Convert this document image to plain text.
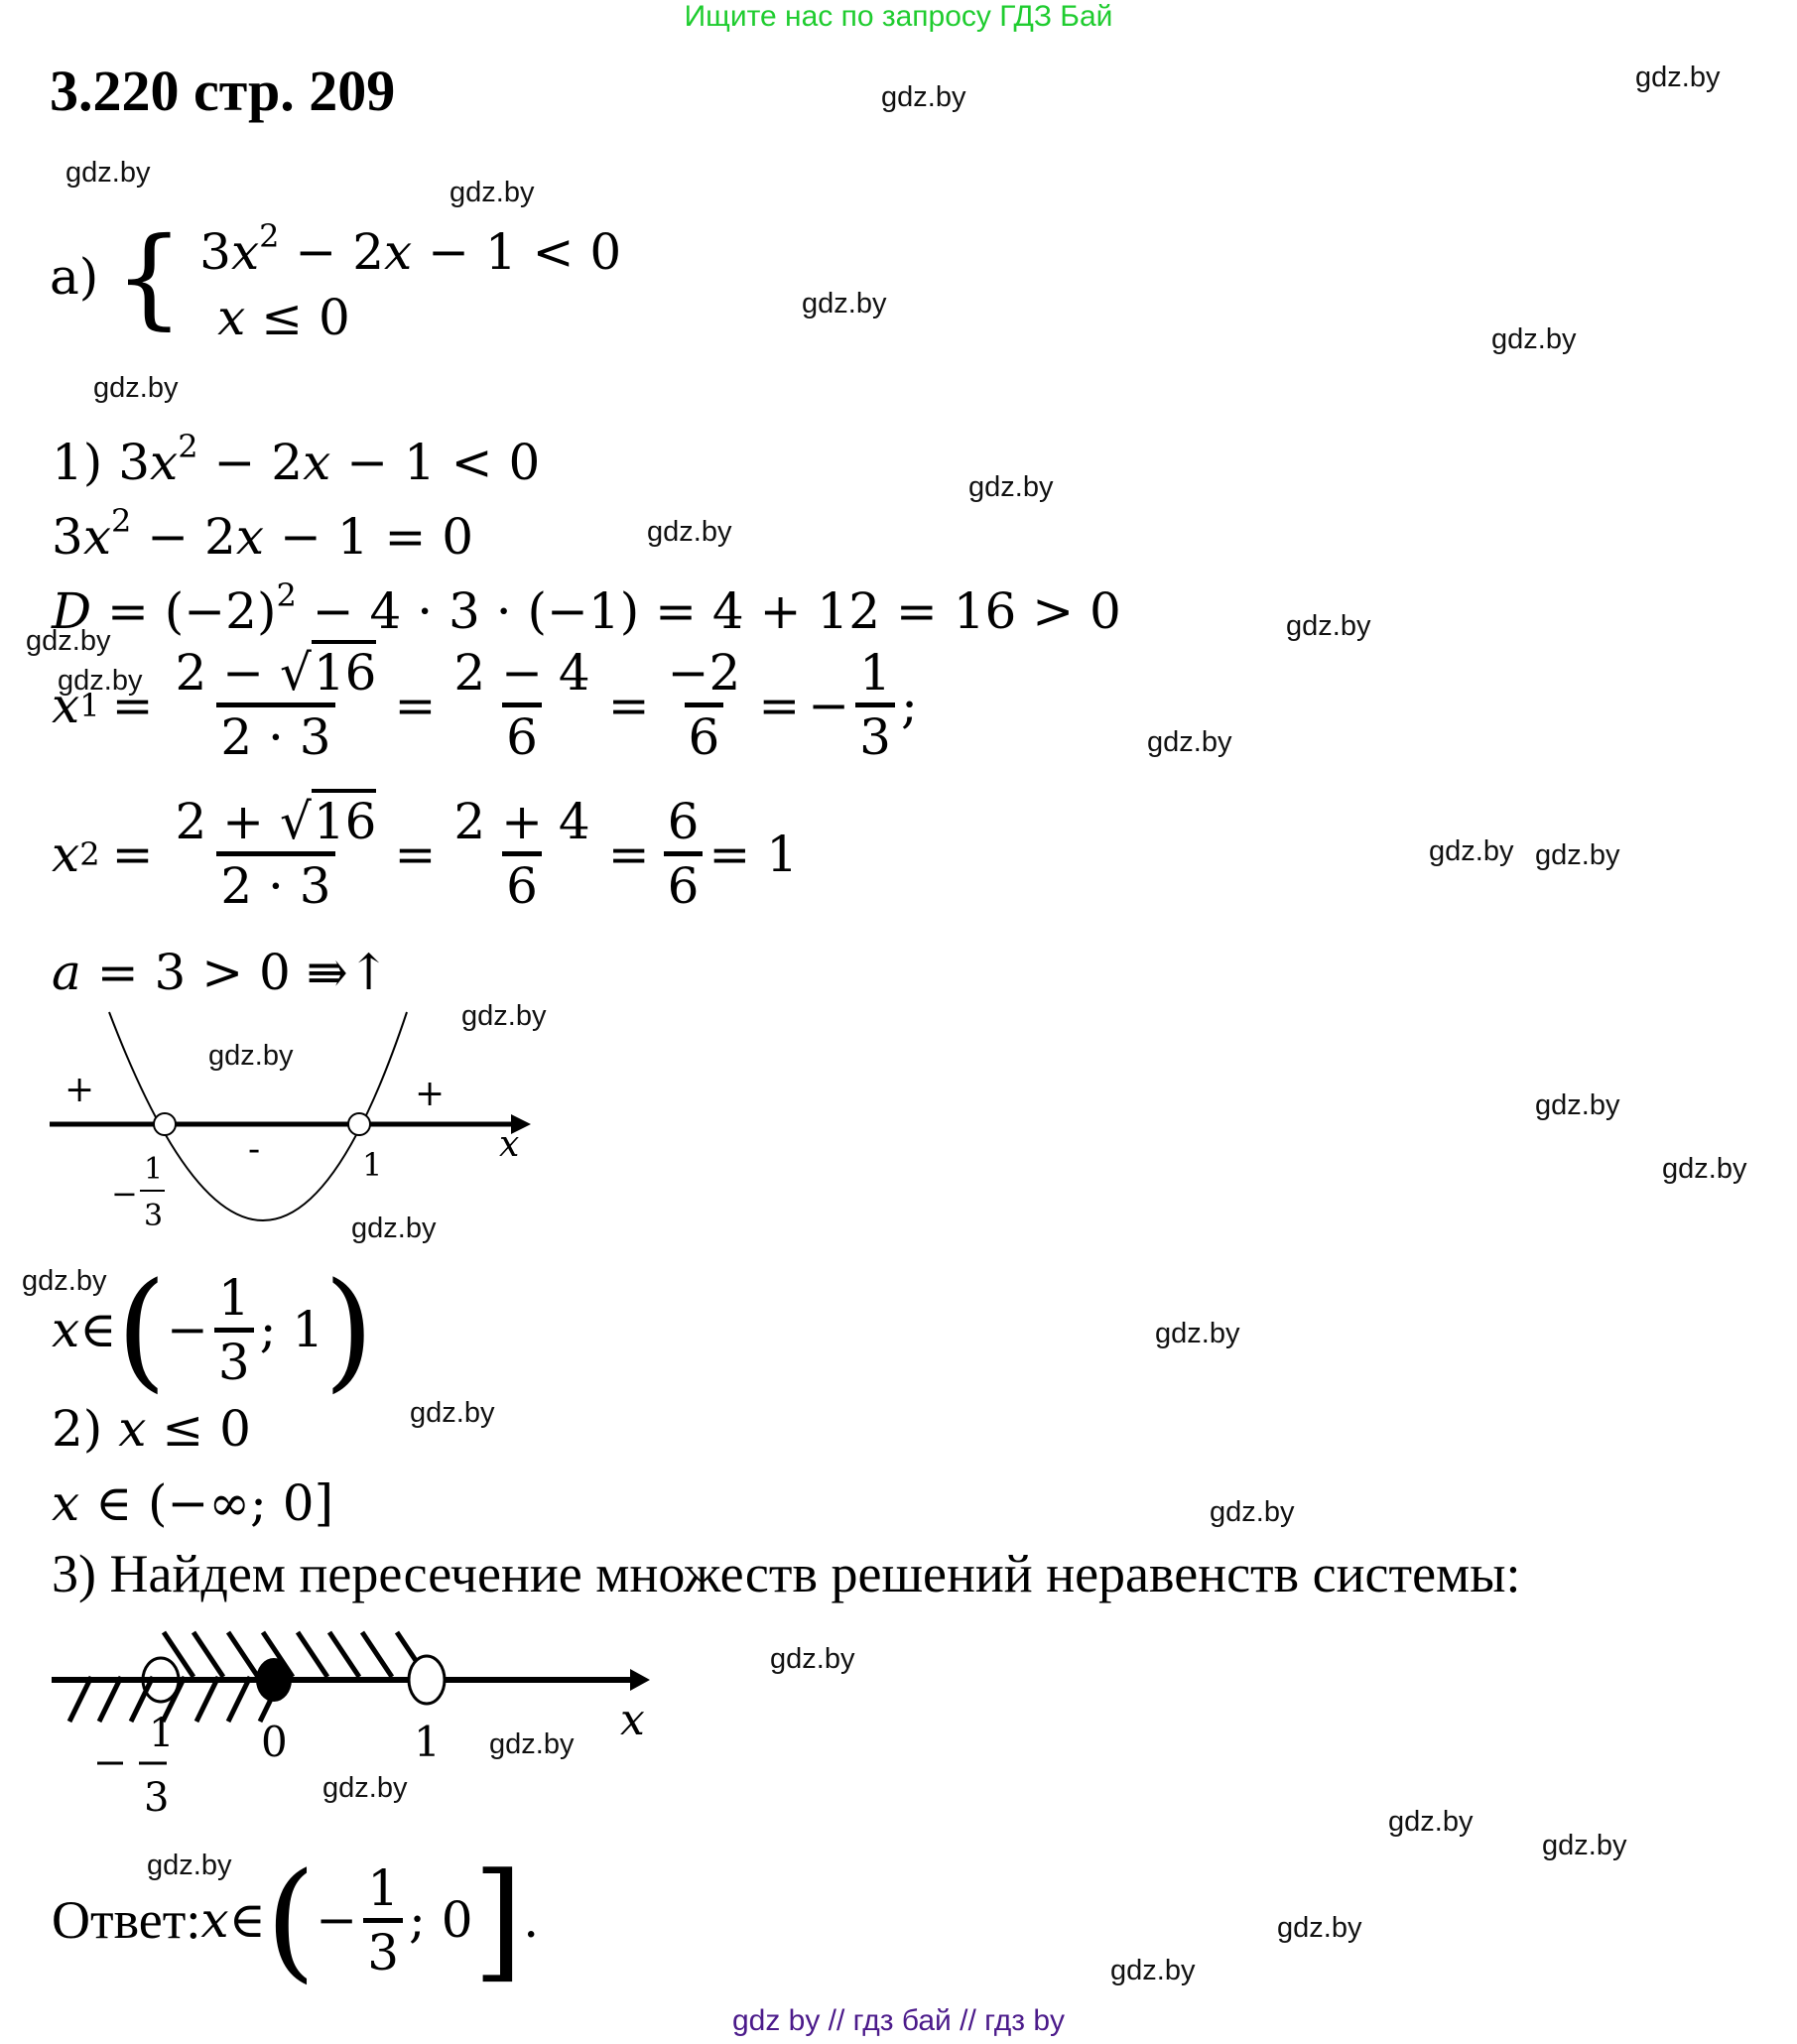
Ищите нас по запросу ГДЗ Бай
3.220 стр. 209
а) { $3x^2 - 2x - 1 < 0$
x ≤ 0
1) $3x^2 - 2x - 1 < 0$
$3x^2 - 2x - 1 = 0$
$D = (-2)^2 - 4 \cdot 3 \cdot (-1) = 4 + 12 = 16 > 0$
x $1 = \frac{2 - √16}{2 \cdot 3} = \frac{2 - 4}{6} = \frac{-2}{6}$ = − $\frac{1}{3}$ ;
x $2 = \frac{2 + √16}{2 \cdot 3} = \frac{2 + 4}{6} = \frac{6}{6} = 1$
a = 3 > 0 ⇛↑
+
-
+
x
1
−
1
3
x ∈ ( − $\frac{1}{3}$ ; 1 )
2) x ≤ 0
x ∈ (−∞; 0]
3) Найдем пересечение множеств решений неравенств системы:
x
0	1
1
3
Ответ: x ∈ ( − $\frac{1}{3}$ ; 0 ] .
gdz.by
gdz.by
gdz.by
gdz.by
gdz.by
gdz.by
gdz.by
gdz.by
gdz.by
gdz.by
gdz.by
gdz.by
gdz.by
gdz.by gdz.by
gdz.by
gdz.by
gdz.by
gdz.by
gdz.by
gdz.by
gdz.by
gdz.by
gdz.by
gdz.by
gdz.by
gdz.by
gdz.by
gdz.by
gdz.by
gdz.by
gdz.by
gdz by // гдз бай // гдз by
